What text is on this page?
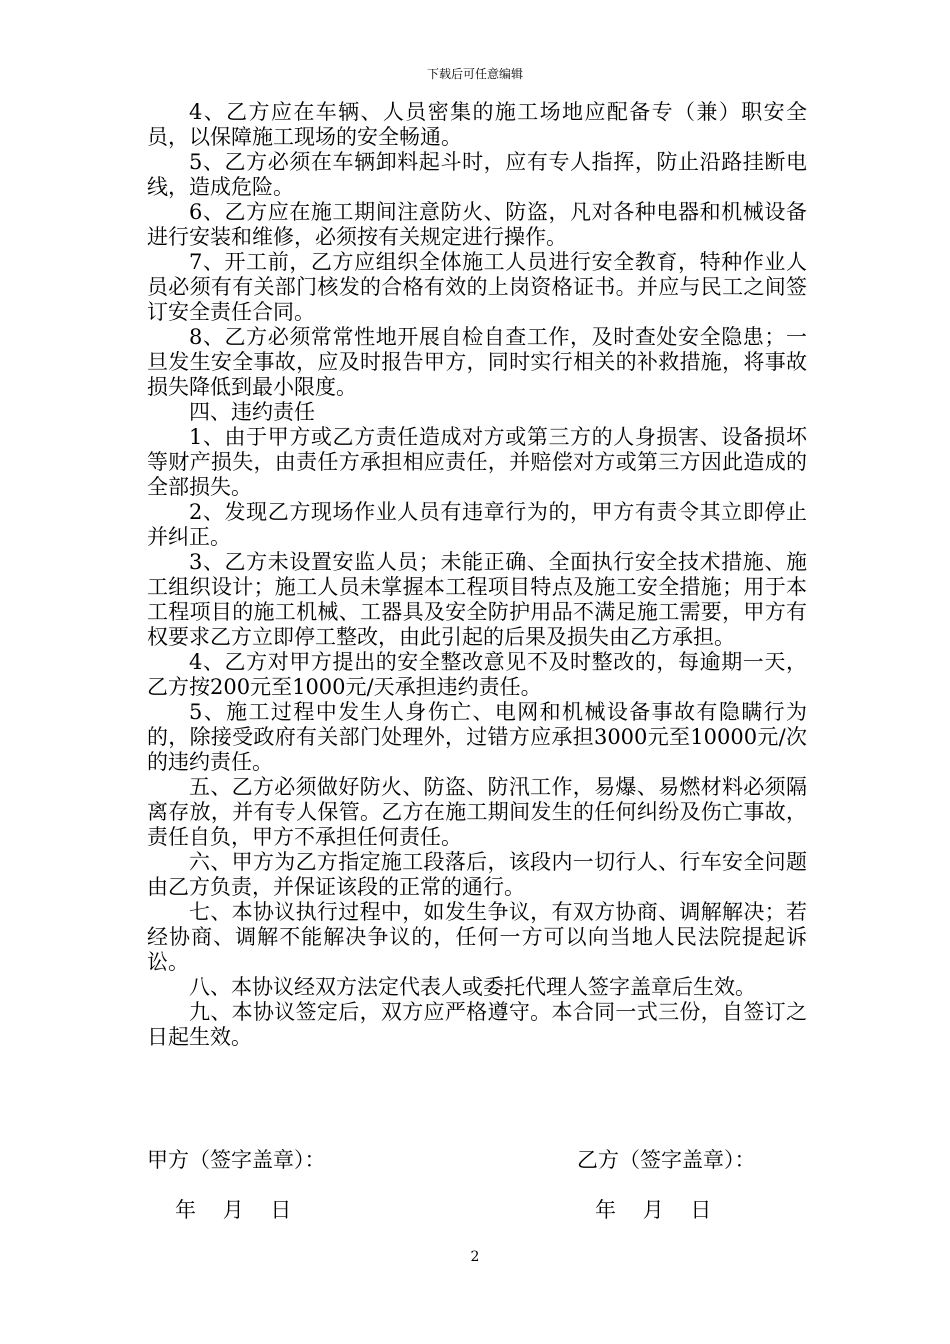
下载后可任意编辑

4、乙方应在车辆、人员密集的施工场地应配备专（兼）职安全员，以保障施工现场的安全畅通。

5、乙方必须在车辆卸料起斗时，应有专人指挥，防止沿路挂断电线，造成危险。

6、乙方应在施工期间注意防火、防盗，凡对各种电器和机械设备进行安装和维修，必须按有关规定进行操作。

7、开工前，乙方应组织全体施工人员进行安全教育，特种作业人员必须有有关部门核发的合格有效的上岗资格证书。并应与民工之间签订安全责任合同。

8、乙方必须常常性地开展自检自查工作，及时查处安全隐患；一旦发生安全事故，应及时报告甲方，同时实行相关的补救措施，将事故损失降低到最小限度。

四、违约责任

1、由于甲方或乙方责任造成对方或第三方的人身损害、设备损坏等财产损失，由责任方承担相应责任，并赔偿对方或第三方因此造成的全部损失。

2、发现乙方现场作业人员有违章行为的，甲方有责令其立即停止并纠正。

3、乙方未设置安监人员；未能正确、全面执行安全技术措施、施工组织设计；施工人员未掌握本工程项目特点及施工安全措施；用于本工程项目的施工机械、工器具及安全防护用品不满足施工需要，甲方有权要求乙方立即停工整改，由此引起的后果及损失由乙方承担。

4、乙方对甲方提出的安全整改意见不及时整改的，每逾期一天，乙方按200元至1000元/天承担违约责任。

5、施工过程中发生人身伤亡、电网和机械设备事故有隐瞒行为的，除接受政府有关部门处理外，过错方应承担3000元至10000元/次的违约责任。

五、乙方必须做好防火、防盗、防汛工作，易爆、易燃材料必须隔离存放，并有专人保管。乙方在施工期间发生的任何纠纷及伤亡事故，责任自负，甲方不承担任何责任。

六、甲方为乙方指定施工段落后，该段内一切行人、行车安全问题由乙方负责，并保证该段的正常的通行。

七、本协议执行过程中，如发生争议，有双方协商、调解解决；若经协商、调解不能解决争议的，任何一方可以向当地人民法院提起诉讼。

八、本协议经双方法定代表人或委托代理人签字盖章后生效。

九、本协议签定后，双方应严格遵守。本合同一式三份，自签订之日起生效。

甲方（签字盖章）：	乙方（签字盖章）：
年    月    日	年    月    日
2
